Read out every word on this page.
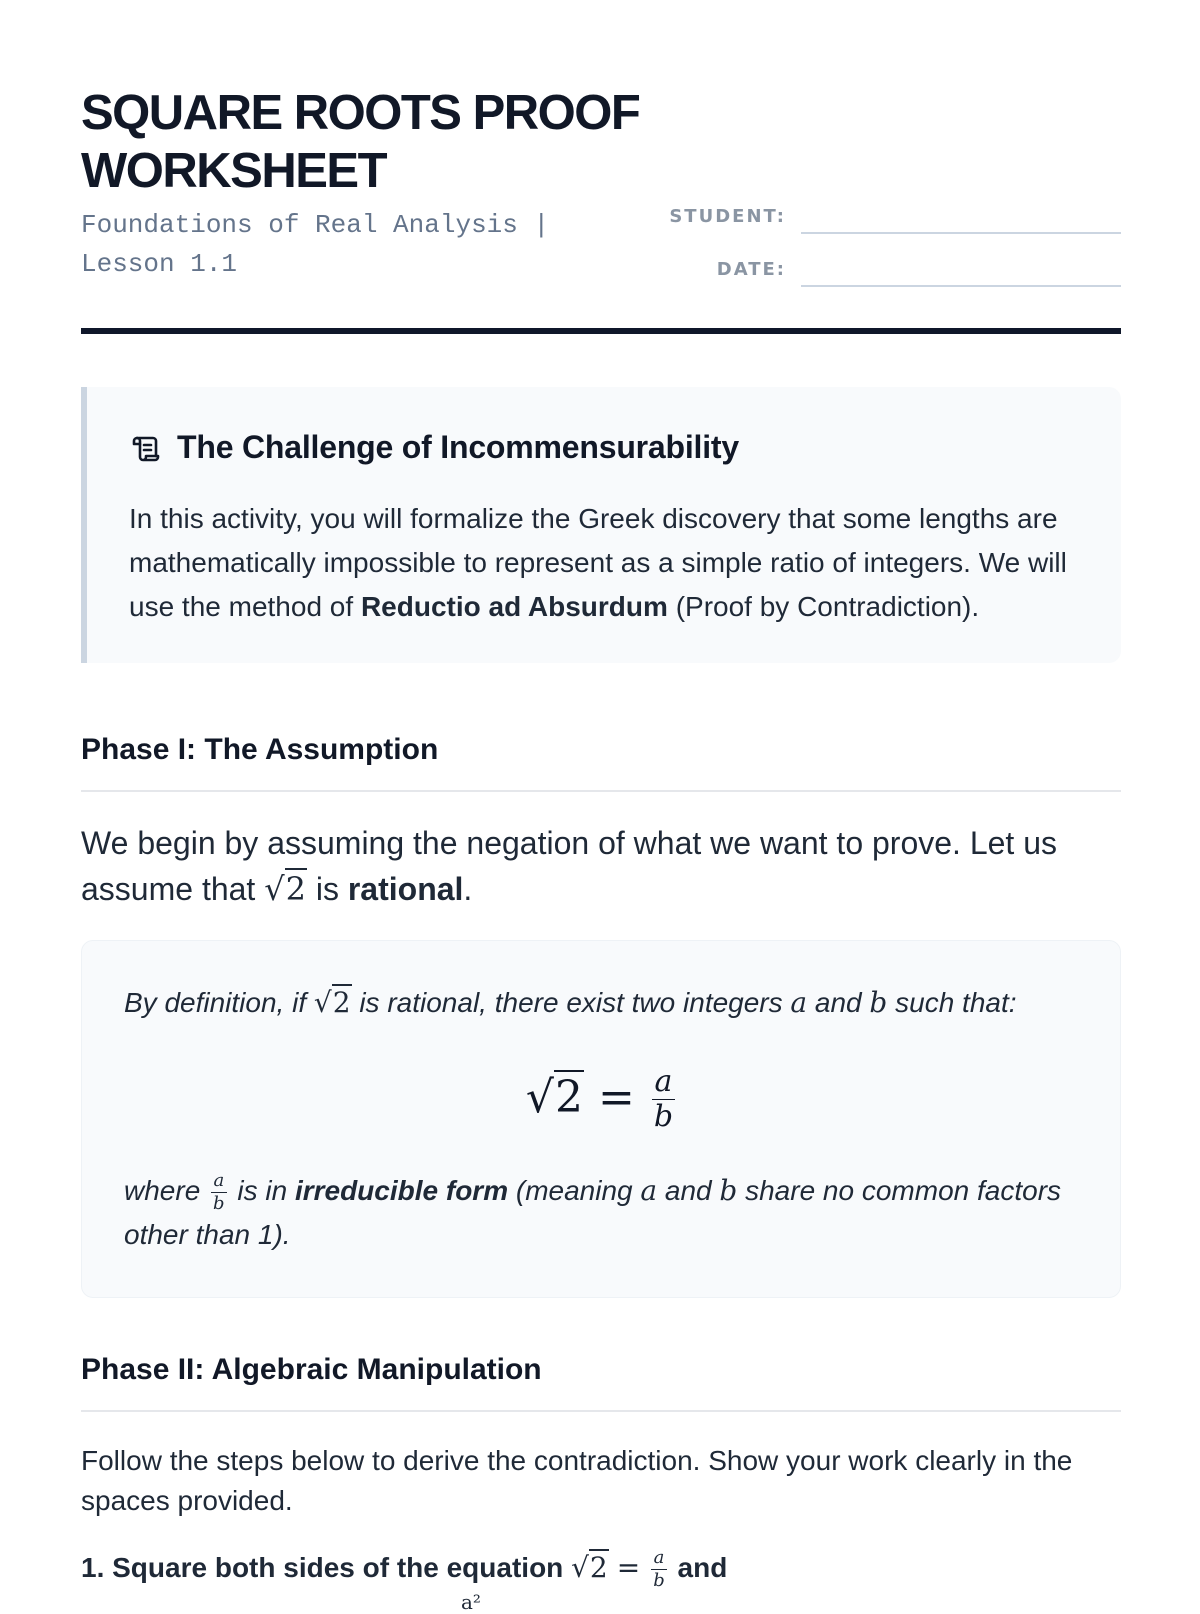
SQUARE ROOTS PROOF WORKSHEET
Foundations of Real Analysis | Lesson 1.1
STUDENT:
DATE:
The Challenge of Incommensurability
In this activity, you will formalize the Greek discovery that some lengths are mathematically impossible to represent as a simple ratio of integers. We will use the method of Reductio ad Absurdum (Proof by Contradiction).
Phase I: The Assumption
We begin by assuming the negation of what we want to prove. Let us assume that √2 is rational.
By definition, if √2 is rational, there exist two integers a and b such that:
$√2 = \frac{a}{b}$
where $\frac{a}{b}$ is in irreducible form (meaning a and b share no common factors other than 1).
Phase II: Algebraic Manipulation
Follow the steps below to derive the contradiction. Show your work clearly in the spaces provided.
1. Square both sides of the equation $√2 = \frac{a}{b}$ and
a²
